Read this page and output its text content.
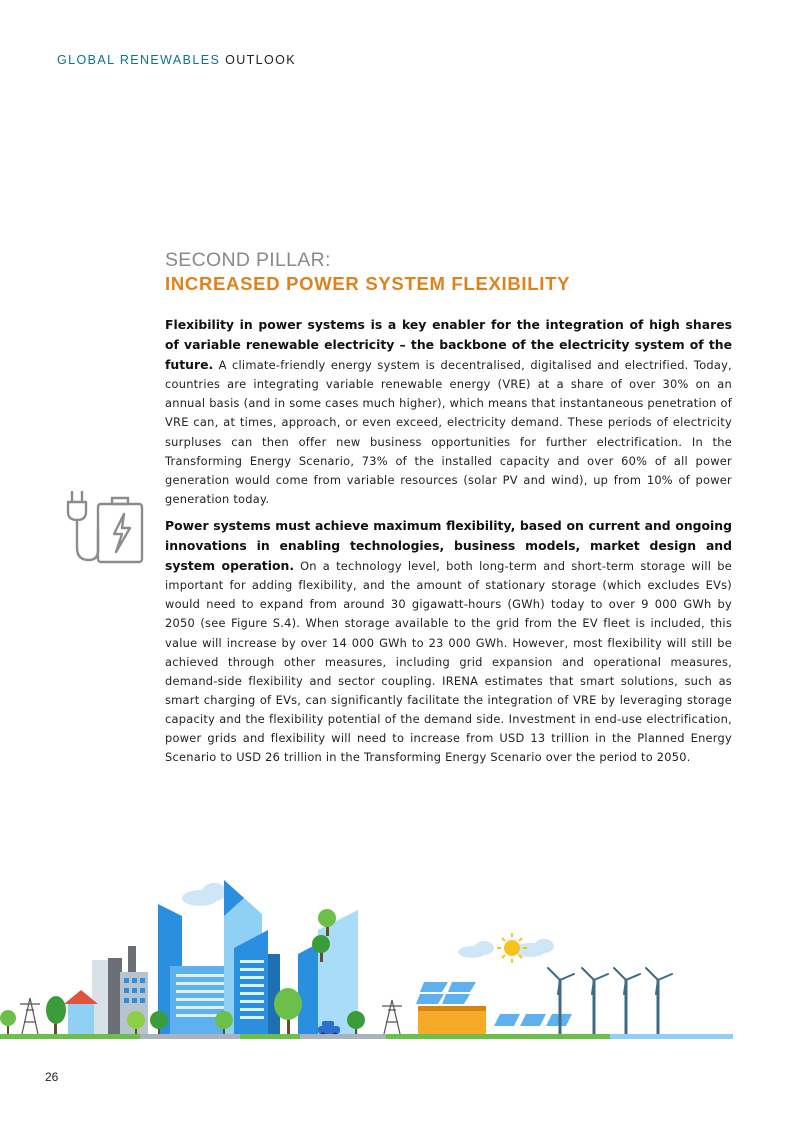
GLOBAL RENEWABLES OUTLOOK
SECOND PILLAR:
INCREASED POWER SYSTEM FLEXIBILITY
Flexibility in power systems is a key enabler for the integration of high shares of variable renewable electricity – the backbone of the electricity system of the future. A climate-friendly energy system is decentralised, digitalised and electrified. Today, countries are integrating variable renewable energy (VRE) at a share of over 30% on an annual basis (and in some cases much higher), which means that instantaneous penetration of VRE can, at times, approach, or even exceed, electricity demand. These periods of electricity surpluses can then offer new business opportunities for further electrification. In the Transforming Energy Scenario, 73% of the installed capacity and over 60% of all power generation would come from variable resources (solar PV and wind), up from 10% of power generation today.
Power systems must achieve maximum flexibility, based on current and ongoing innovations in enabling technologies, business models, market design and system operation. On a technology level, both long-term and short-term storage will be important for adding flexibility, and the amount of stationary storage (which excludes EVs) would need to expand from around 30 gigawatt-hours (GWh) today to over 9 000 GWh by 2050 (see Figure S.4). When storage available to the grid from the EV fleet is included, this value will increase by over 14 000 GWh to 23 000 GWh. However, most flexibility will still be achieved through other measures, including grid expansion and operational measures, demand-side flexibility and sector coupling. IRENA estimates that smart solutions, such as smart charging of EVs, can significantly facilitate the integration of VRE by leveraging storage capacity and the flexibility potential of the demand side. Investment in end-use electrification, power grids and flexibility will need to increase from USD 13 trillion in the Planned Energy Scenario to USD 26 trillion in the Transforming Energy Scenario over the period to 2050.
26
